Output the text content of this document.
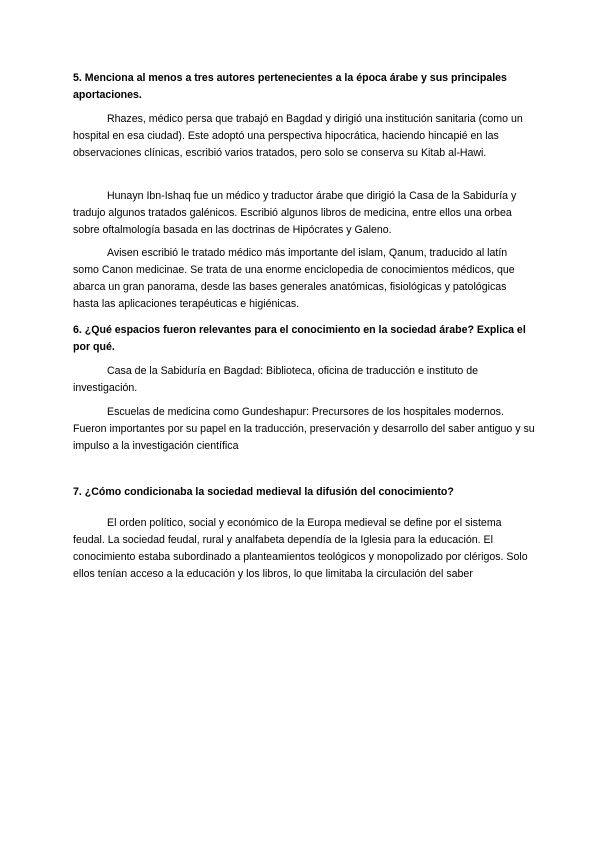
5. Menciona al menos a tres autores pertenecientes a la época árabe y sus principales aportaciones.
Rhazes, médico persa que trabajó en Bagdad y dirigió una institución sanitaria (como un hospital en esa ciudad). Este adoptó una perspectiva hipocrática, haciendo hincapié en las observaciones clínicas, escribió varios tratados, pero solo se conserva su Kitab al-Hawi.
Hunayn Ibn-Ishaq fue un médico y traductor árabe que dirigió la Casa de la Sabiduría y tradujo algunos tratados galénicos. Escribió algunos libros de medicina, entre ellos una orbea sobre oftalmología basada en las doctrinas de Hipócrates y Galeno.
Avisen escribió le tratado médico más importante del islam, Qanum, traducido al latín somo Canon medicinae. Se trata de una enorme enciclopedia de conocimientos médicos, que abarca un gran panorama, desde las bases generales anatómicas, fisiológicas y patológicas hasta las aplicaciones terapéuticas e higiénicas.
6. ¿Qué espacios fueron relevantes para el conocimiento en la sociedad árabe? Explica el por qué.
Casa de la Sabiduría en Bagdad: Biblioteca, oficina de traducción e instituto de investigación.
Escuelas de medicina como Gundeshapur: Precursores de los hospitales modernos. Fueron importantes por su papel en la traducción, preservación y desarrollo del saber antiguo y su impulso a la investigación científica
7. ¿Cómo condicionaba la sociedad medieval la difusión del conocimiento?
El orden político, social y económico de la Europa medieval se define por el sistema feudal. La sociedad feudal, rural y analfabeta dependía de la Iglesia para la educación. El conocimiento estaba subordinado a planteamientos teológicos y monopolizado por clérigos. Solo ellos tenían acceso a la educación y los libros, lo que limitaba la circulación del saber
